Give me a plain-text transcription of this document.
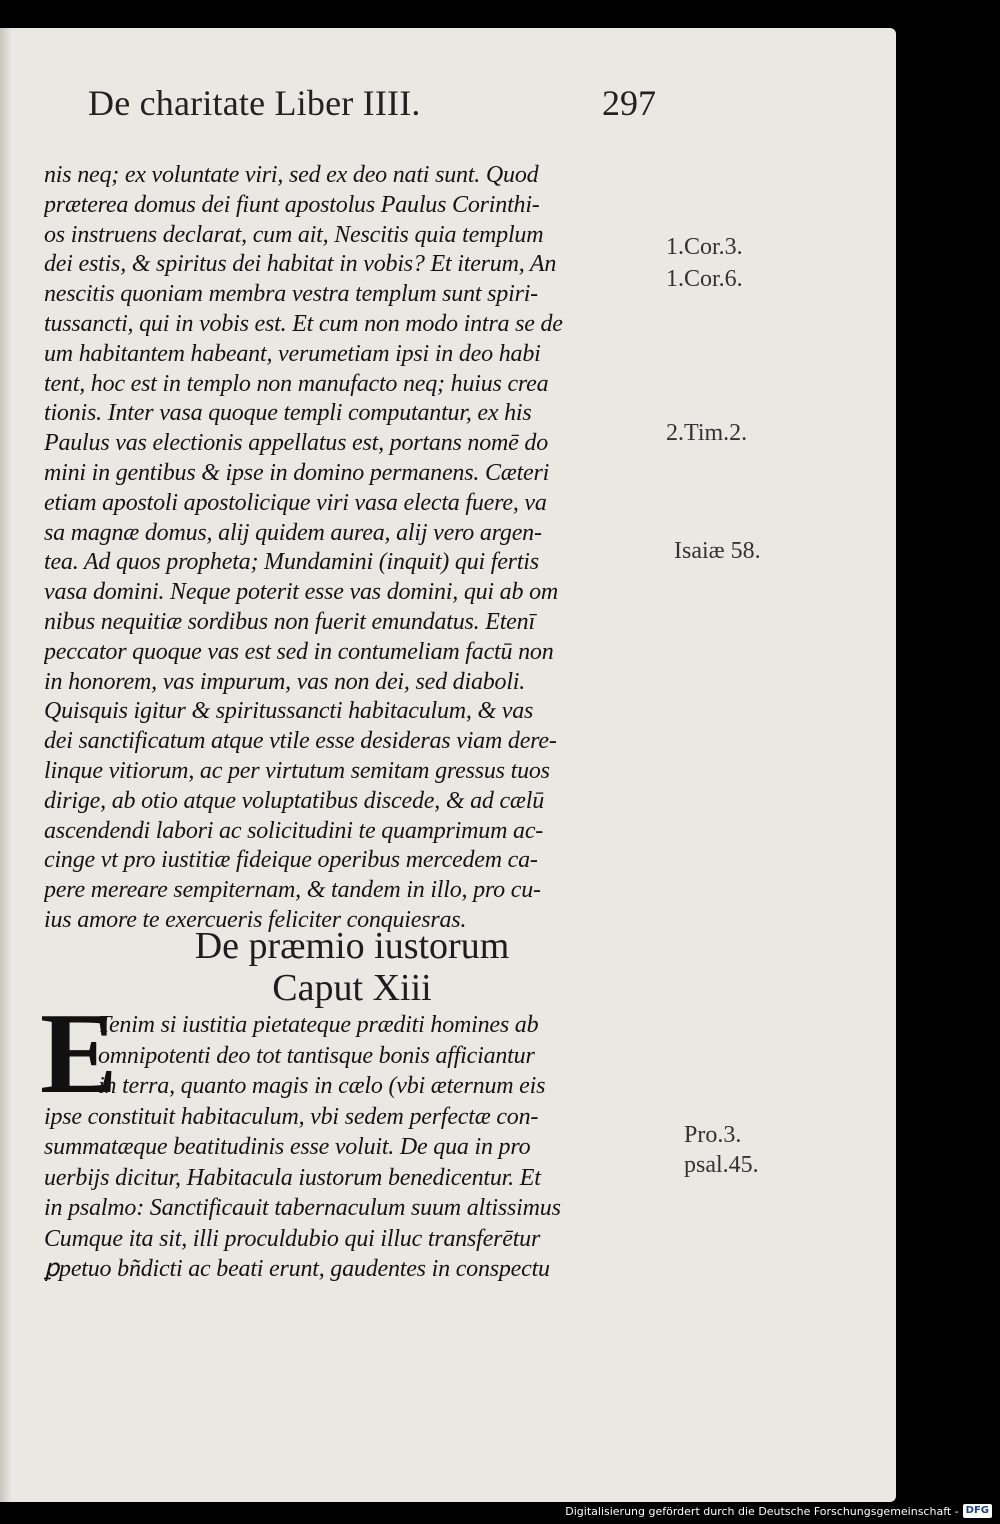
De charitate Liber IIII.	297
nis neq; ex voluntate viri, sed ex deo nati sunt. Quod
præterea domus dei fiunt apostolus Paulus Corinthi-
os instruens declarat, cum ait, Nescitis quia templum
dei estis, & spiritus dei habitat in vobis? Et iterum, An
nescitis quoniam membra vestra templum sunt spiri-
tussancti, qui in vobis est. Et cum non modo intra se de
um habitantem habeant, verumetiam ipsi in deo habi
tent, hoc est in templo non manufacto neq; huius crea
tionis. Inter vasa quoque templi computantur, ex his
Paulus vas electionis appellatus est, portans nomē do
mini in gentibus & ipse in domino permanens. Cæteri
etiam apostoli apostolicique viri vasa electa fuere, va
sa magnæ domus, alij quidem aurea, alij vero argen-
tea. Ad quos propheta; Mundamini (inquit) qui fertis
vasa domini. Neque poterit esse vas domini, qui ab om
nibus nequitiæ sordibus non fuerit emundatus. Etenī
peccator quoque vas est sed in contumeliam factū non
in honorem, vas impurum, vas non dei, sed diaboli.
Quisquis igitur & spiritussancti habitaculum, & vas
dei sanctificatum atque vtile esse desideras viam dere-
linque vitiorum, ac per virtutum semitam gressus tuos
dirige, ab otio atque voluptatibus discede, & ad cælū
ascendendi labori ac solicitudini te quamprimum ac-
cinge vt pro iustitiæ fideique operibus mercedem ca-
pere mereare sempiternam, & tandem in illo, pro cu-
ius amore te exercueris feliciter conquiesras.
De præmio iustorum
Caput Xiii
E
Tenim si iustitia pietateque præditi homines ab
omnipotenti deo tot tantisque bonis afficiantur
in terra, quanto magis in cælo (vbi æternum eis
ipse constituit habitaculum, vbi sedem perfectæ con-
summatæque beatitudinis esse voluit. De qua in pro
uerbijs dicitur, Habitacula iustorum benedicentur. Et
in psalmo: Sanctificauit tabernaculum suum altissimus
Cumque ita sit, illi proculdubio qui illuc transferētur
ꝑpetuo bñdicti ac beati erunt, gaudentes in conspectu
1.Cor.3.
1.Cor.6.
2.Tim.2.
Isaiæ 58.
Pro.3.
psal.45.
Digitalisierung gefördert durch die Deutsche Forschungsgemeinschaft - DFG
